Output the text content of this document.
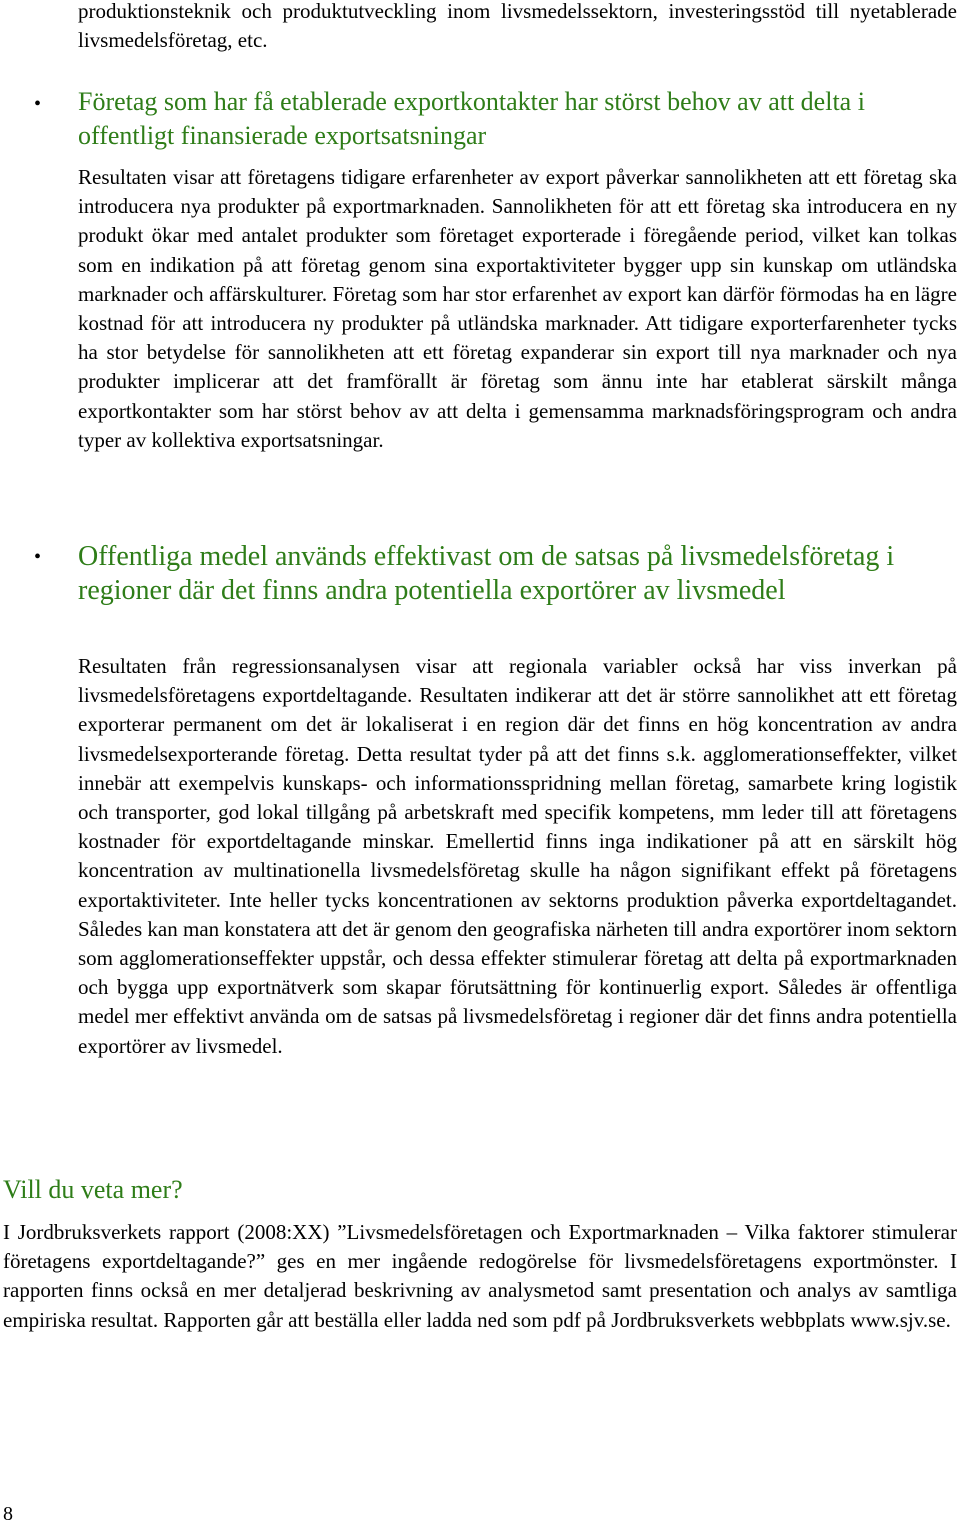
produktionsteknik och produktutveckling inom livsmedelssektorn, investeringsstöd till nyetablerade livsmedelsföretag, etc.

• Företag som har få etablerade exportkontakter har störst behov av att delta i offentligt finansierade exportsatsningar

Resultaten visar att företagens tidigare erfarenheter av export påverkar sannolikheten att ett företag ska introducera nya produkter på exportmarknaden. Sannolikheten för att ett företag ska introducera en ny produkt ökar med antalet produkter som företaget exporterade i föregående period, vilket kan tolkas som en indikation på att företag genom sina exportaktiviteter bygger upp sin kunskap om utländska marknader och affärskulturer. Företag som har stor erfarenhet av export kan därför förmodas ha en lägre kostnad för att introducera ny produkter på utländska marknader. Att tidigare exporterfarenheter tycks ha stor betydelse för sannolikheten att ett företag expanderar sin export till nya marknader och nya produkter implicerar att det framförallt är företag som ännu inte har etablerat särskilt många exportkontakter som har störst behov av att delta i gemensamma marknadsföringsprogram och andra typer av kollektiva exportsatsningar.

• Offentliga medel används effektivast om de satsas på livsmedelsföretag i regioner där det finns andra potentiella exportörer av livsmedel

Resultaten från regressionsanalysen visar att regionala variabler också har viss inverkan på livsmedelsföretagens exportdeltagande. Resultaten indikerar att det är större sannolikhet att ett företag exporterar permanent om det är lokaliserat i en region där det finns en hög koncentration av andra livsmedelsexporterande företag. Detta resultat tyder på att det finns s.k. agglomerationseffekter, vilket innebär att exempelvis kunskaps- och informationsspridning mellan företag, samarbete kring logistik och transporter, god lokal tillgång på arbetskraft med specifik kompetens, mm leder till att företagens kostnader för exportdeltagande minskar. Emellertid finns inga indikationer på att en särskilt hög koncentration av multinationella livsmedelsföretag skulle ha någon signifikant effekt på företagens exportaktiviteter. Inte heller tycks koncentrationen av sektorns produktion påverka exportdeltagandet. Således kan man konstatera att det är genom den geografiska närheten till andra exportörer inom sektorn som agglomerationseffekter uppstår, och dessa effekter stimulerar företag att delta på exportmarknaden och bygga upp exportnätverk som skapar förutsättning för kontinuerlig export. Således är offentliga medel mer effektivt använda om de satsas på livsmedelsföretag i regioner där det finns andra potentiella exportörer av livsmedel.

Vill du veta mer?

I Jordbruksverkets rapport (2008:XX) ”Livsmedelsföretagen och Exportmarknaden – Vilka faktorer stimulerar företagens exportdeltagande?” ges en mer ingående redogörelse för livsmedelsföretagens exportmönster. I rapporten finns också en mer detaljerad beskrivning av analysmetod samt presentation och analys av samtliga empiriska resultat. Rapporten går att beställa eller ladda ned som pdf på Jordbruksverkets webbplats www.sjv.se.

8
